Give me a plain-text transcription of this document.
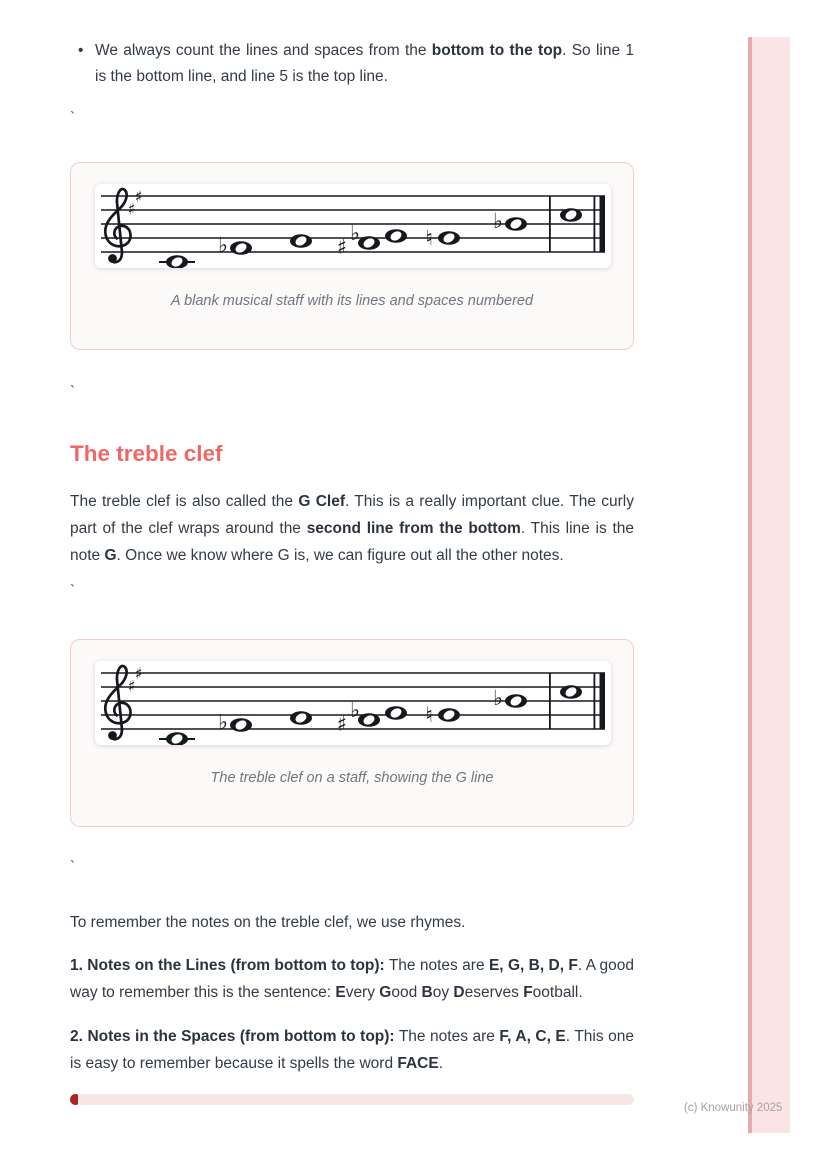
• We always count the lines and spaces from the bottom to the top. So line 1 is the bottom line, and line 5 is the top line.
`
A blank musical staff with its lines and spaces numbered
`
The treble clef

The treble clef is also called the G Clef. This is a really important clue. The curly part of the clef wraps around the second line from the bottom. This line is the note G. Once we know where G is, we can figure out all the other notes.

`
The treble clef on a staff, showing the G line
`

To remember the notes on the treble clef, we use rhymes.

1. Notes on the Lines (from bottom to top): The notes are E, G, B, D, F. A good way to remember this is the sentence: Every Good Boy Deserves Football.

2. Notes in the Spaces (from bottom to top): The notes are F, A, C, E. This one is easy to remember because it spells the word FACE.

(c) Knowunity 2025
